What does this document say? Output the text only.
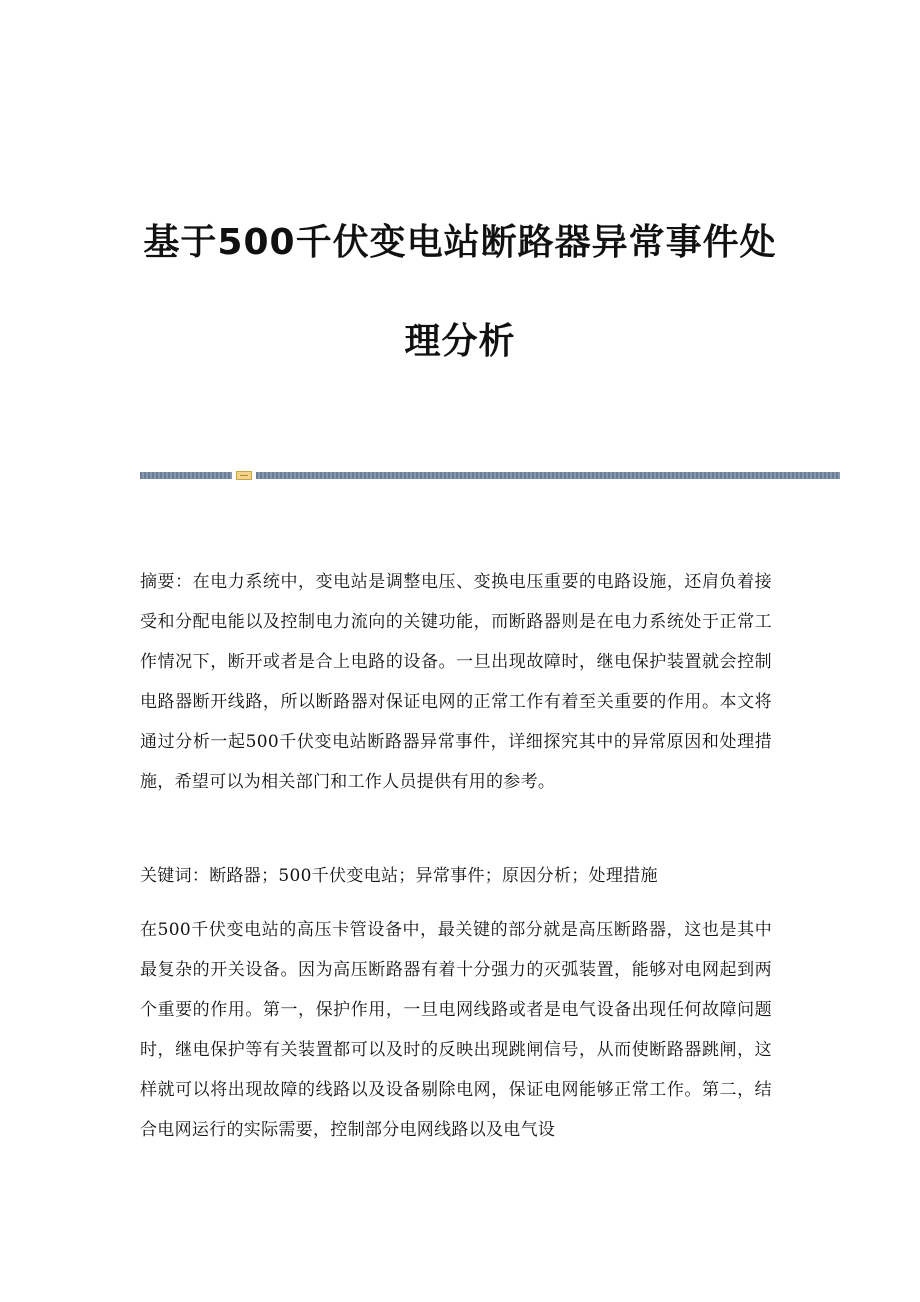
基于500千伏变电站断路器异常事件处
理分析

摘要：在电力系统中，变电站是调整电压、变换电压重要的电路设施，还肩负着接受和分配电能以及控制电力流向的关键功能，而断路器则是在电力系统处于正常工作情况下，断开或者是合上电路的设备。一旦出现故障时，继电保护装置就会控制电路器断开线路，所以断路器对保证电网的正常工作有着至关重要的作用。本文将通过分析一起500千伏变电站断路器异常事件，详细探究其中的异常原因和处理措施，希望可以为相关部门和工作人员提供有用的参考。

关键词：断路器；500千伏变电站；异常事件；原因分析；处理措施

在500千伏变电站的高压卡管设备中，最关键的部分就是高压断路器，这也是其中最复杂的开关设备。因为高压断路器有着十分强力的灭弧装置，能够对电网起到两个重要的作用。第一，保护作用，一旦电网线路或者是电气设备出现任何故障问题时，继电保护等有关装置都可以及时的反映出现跳闸信号，从而使断路器跳闸，这样就可以将出现故障的线路以及设备剔除电网，保证电网能够正常工作。第二，结合电网运行的实际需要，控制部分电网线路以及电气设
